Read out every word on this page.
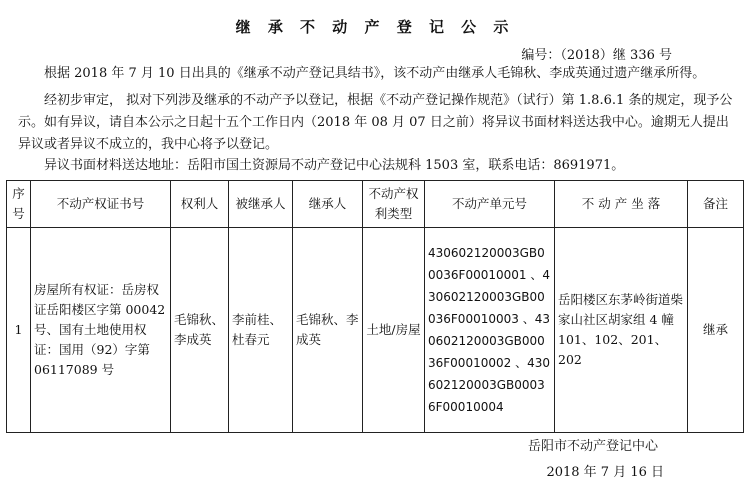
继 承 不 动 产 登 记 公 示
编号：（2018）继 336 号
根据 2018 年 7 月 10 日出具的《继承不动产登记具结书》，该不动产由继承人毛锦秋、李成英通过遗产继承所得。
经初步审定， 拟对下列涉及继承的不动产予以登记，根据《不动产登记操作规范》（试行）第 1.8.6.1 条的规定，现予公示。如有异议，请自本公示之日起十五个工作日内（2018 年 08 月 07 日之前）将异议书面材料送达我中心。逾期无人提出异议或者异议不成立的，我中心将予以登记。
异议书面材料送达地址：岳阳市国土资源局不动产登记中心法规科 1503 室，联系电话：8691971。
序号	不动产权证书号	权利人	被继承人	继承人	不动产权利类型	不动产单元号	不 动 产 坐 落	备注
1	房屋所有权证：岳房权证岳阳楼区字第 00042 号、国有土地使用权证：国用（92）字第 06117089 号	毛锦秋、李成英	李前桂、杜春元	毛锦秋、李成英	土地/房屋	430602120003GB00036F00010001 、430602120003GB00036F00010003 、430602120003GB00036F00010002 、430602120003GB00036F00010004	岳阳楼区东茅岭街道柴家山社区胡家组 4 幢 101、102、201、202	继承
岳阳市不动产登记中心
2018 年 7 月 16 日
